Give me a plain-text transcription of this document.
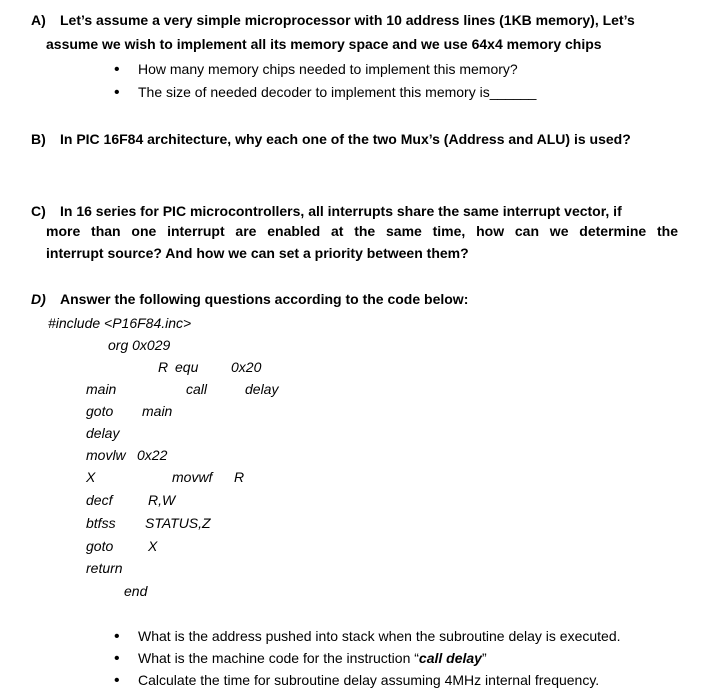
A) Let’s assume a very simple microprocessor with 10 address lines (1KB memory), Let’s
assume we wish to implement all its memory space and we use 64x4 memory chips
• How many memory chips needed to implement this memory?
• The size of needed decoder to implement this memory is______
B) In PIC 16F84 architecture, why each one of the two Mux’s (Address and ALU) is used?
C) In 16 series for PIC microcontrollers, all interrupts share the same interrupt vector, if
more than one interrupt are enabled at the same time, how can we determine the
interrupt source? And how we can set a priority between them?
D) Answer the following questions according to the code below:
#include <P16F84.inc>
org 0x029
R equ 0x20
main	call	delay
goto main
delay
movlw 0x22
X	movwf R
decf	R,W
btfss STATUS,Z
goto X
return
end
• What is the address pushed into stack when the subroutine delay is executed.
• What is the machine code for the instruction “call delay”
• Calculate the time for subroutine delay assuming 4MHz internal frequency.
